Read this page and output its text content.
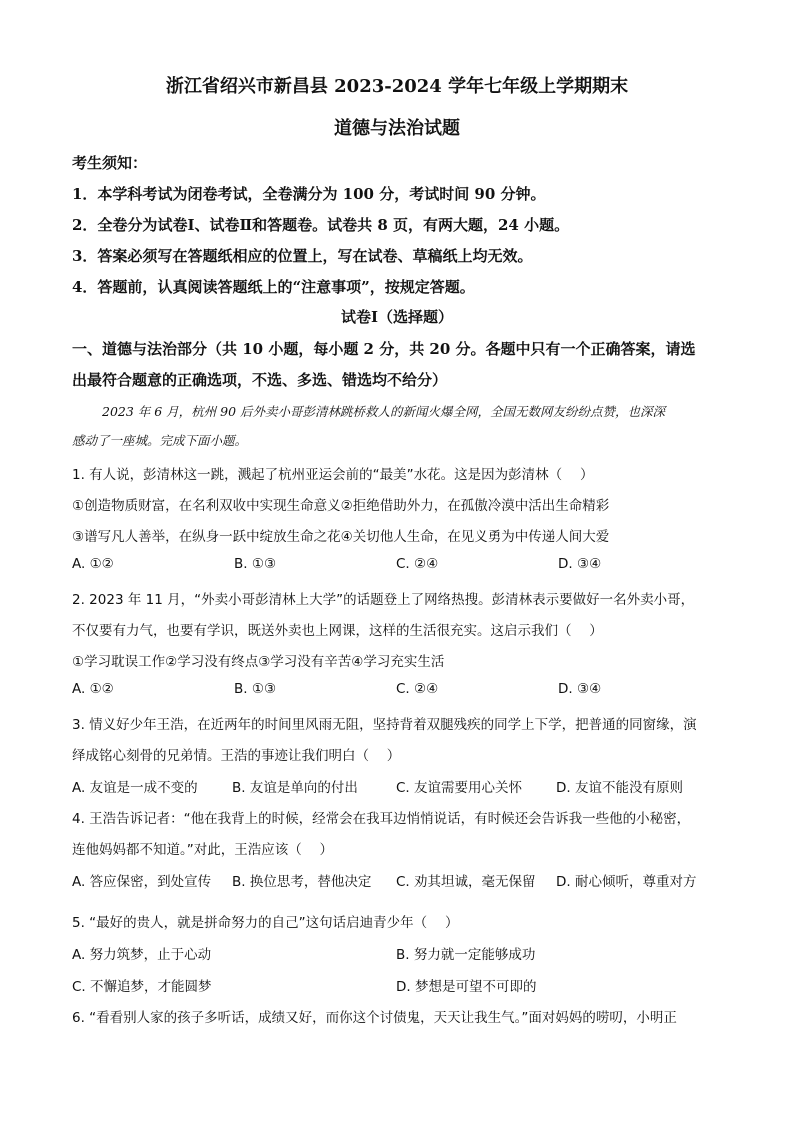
浙江省绍兴市新昌县 2023-2024 学年七年级上学期期末
道德与法治试题
考生须知：
1．本学科考试为闭卷考试，全卷满分为 100 分，考试时间 90 分钟。
2．全卷分为试卷Ⅰ、试卷Ⅱ和答题卷。试卷共 8 页，有两大题，24 小题。
3．答案必须写在答题纸相应的位置上，写在试卷、草稿纸上均无效。
4．答题前，认真阅读答题纸上的“注意事项”，按规定答题。
试卷Ⅰ（选择题）
一、道德与法治部分（共 10 小题，每小题 2 分，共 20 分。各题中只有一个正确答案，请选
出最符合题意的正确选项，不选、多选、错选均不给分）
2023 年 6 月，杭州 90 后外卖小哥彭清林跳桥救人的新闻火爆全网，全国无数网友纷纷点赞，也深深
感动了一座城。完成下面小题。
1. 有人说，彭清林这一跳，溅起了杭州亚运会前的“最美”水花。这是因为彭清林（　 ）
①创造物质财富，在名利双收中实现生命意义②拒绝借助外力，在孤傲冷漠中活出生命精彩
③谱写凡人善举，在纵身一跃中绽放生命之花④关切他人生命，在见义勇为中传递人间大爱
A. ①②	B. ①③	C. ②④	D. ③④
2. 2023 年 11 月，“外卖小哥彭清林上大学”的话题登上了网络热搜。彭清林表示要做好一名外卖小哥，
不仅要有力气，也要有学识，既送外卖也上网课，这样的生活很充实。这启示我们（　 ）
①学习耽误工作②学习没有终点③学习没有辛苦④学习充实生活
A. ①②	B. ①③	C. ②④	D. ③④
3. 情义好少年王浩，在近两年的时间里风雨无阻，坚持背着双腿残疾的同学上下学，把普通的同窗缘，演
绎成铭心刻骨的兄弟情。王浩的事迹让我们明白（　 ）
A. 友谊是一成不变的	B. 友谊是单向的付出	C. 友谊需要用心关怀	D. 友谊不能没有原则
4. 王浩告诉记者：“他在我背上的时候，经常会在我耳边悄悄说话，有时候还会告诉我一些他的小秘密，
连他妈妈都不知道。”对此，王浩应该（　 ）
A. 答应保密，到处宣传 B. 换位思考，替他决定 C. 劝其坦诚，毫无保留 D. 耐心倾听，尊重对方
5. “最好的贵人，就是拼命努力的自己”这句话启迪青少年（　 ）
A. 努力筑梦，止于心动	B. 努力就一定能够成功
C. 不懈追梦，才能圆梦	D. 梦想是可望不可即的
6. “看看别人家的孩子多听话，成绩又好，而你这个讨债鬼，天天让我生气。”面对妈妈的唠叨，小明正
